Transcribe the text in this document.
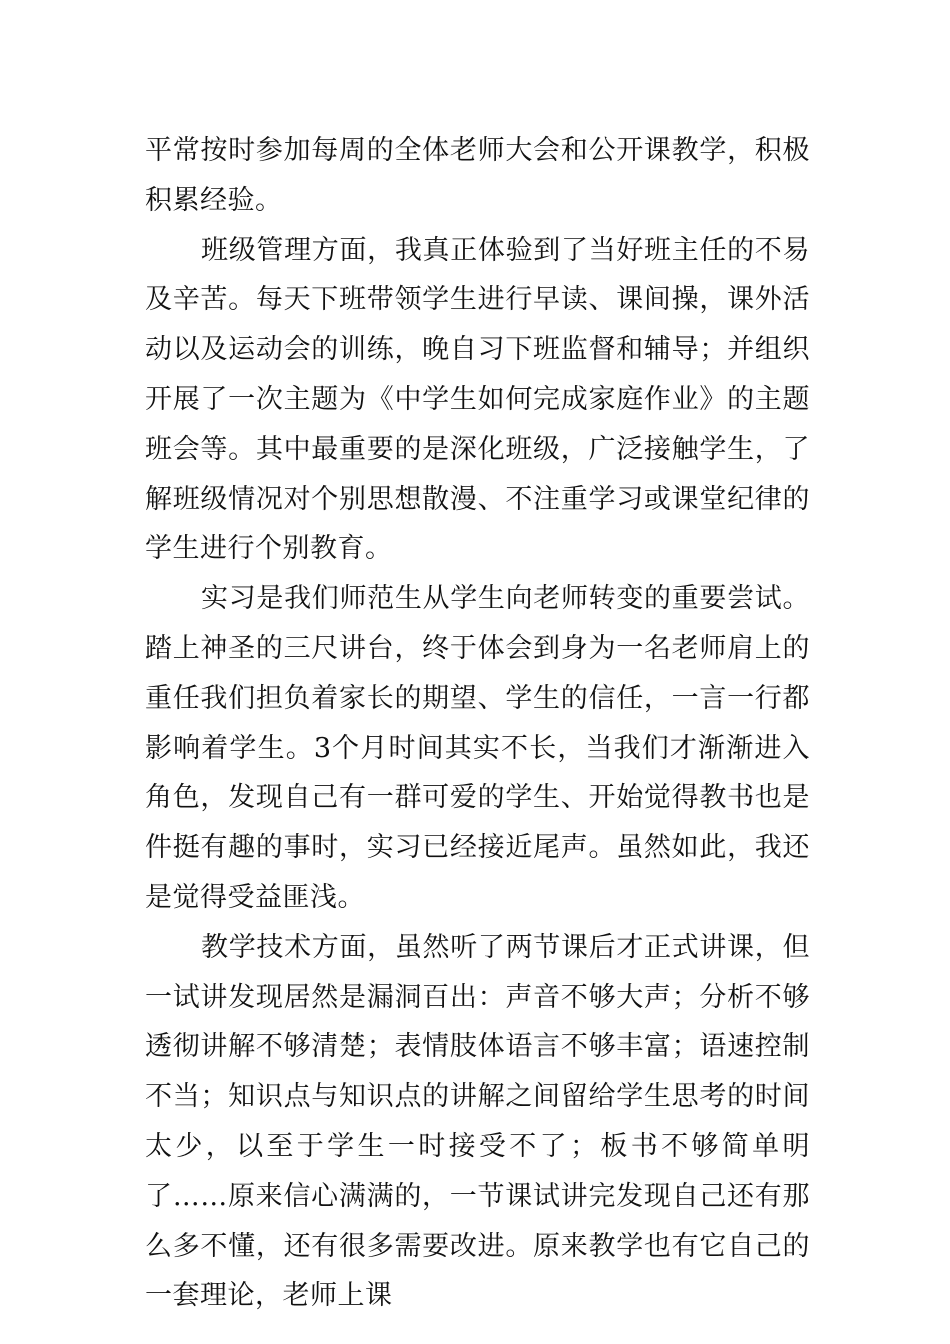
平常按时参加每周的全体老师大会和公开课教学，积极积累经验。

班级管理方面，我真正体验到了当好班主任的不易及辛苦。每天下班带领学生进行早读、课间操，课外活动以及运动会的训练，晚自习下班监督和辅导；并组织开展了一次主题为《中学生如何完成家庭作业》的主题班会等。其中最重要的是深化班级，广泛接触学生，了解班级情况对个别思想散漫、不注重学习或课堂纪律的学生进行个别教育。

实习是我们师范生从学生向老师转变的重要尝试。踏上神圣的三尺讲台，终于体会到身为一名老师肩上的重任我们担负着家长的期望、学生的信任，一言一行都影响着学生。3个月时间其实不长，当我们才渐渐进入角色，发现自己有一群可爱的学生、开始觉得教书也是件挺有趣的事时，实习已经接近尾声。虽然如此，我还是觉得受益匪浅。

教学技术方面，虽然听了两节课后才正式讲课，但一试讲发现居然是漏洞百出：声音不够大声；分析不够透彻讲解不够清楚；表情肢体语言不够丰富；语速控制不当；知识点与知识点的讲解之间留给学生思考的时间太少，以至于学生一时接受不了；板书不够简单明了……原来信心满满的，一节课试讲完发现自己还有那么多不懂，还有很多需要改进。原来教学也有它自己的一套理论，老师上课
